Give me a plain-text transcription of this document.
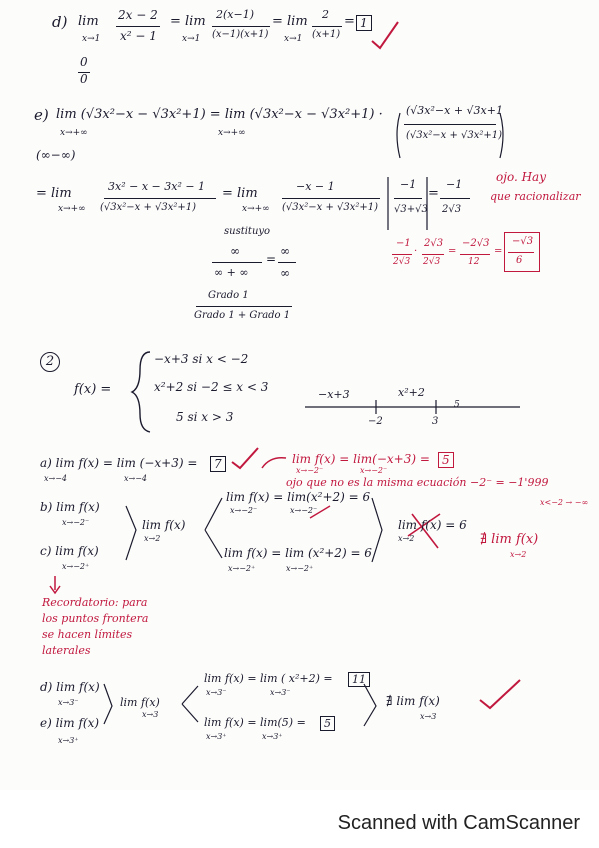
d) lim
x→1
2x − 2
x² − 1
= lim
x→1
2(x−1)
(x−1)(x+1)
= lim
x→1
2
(x+1)
= 1
0
0
e) lim (√3x²−x − √3x²+1) = lim (√3x²−x − √3x²+1) ·
x→+∞	x→+∞
(√3x²−x + √3x+1
(√3x²−x + √3x²+1)
(∞−∞)
= lim
x→+∞
3x² − x − 3x² − 1
(√3x²−x + √3x²+1)
= lim
x→+∞
−x − 1
(√3x²−x + √3x²+1)
−1
√3+√3
=
−1
2√3
ojo. Hay
que racionalizar
sustituyo
∞
∞ + ∞
=
∞
∞
Grado 1
Grado 1 + Grado 1
−1
2√3
·
2√3
2√3
=
−2√3
12
=
−√3
6
2
f(x) =
−x+3 si x < −2
x²+2 si −2 ≤ x < 3
5 si x > 3
−x+3	x²+2
−2	3
5
a) lim f(x) = lim (−x+3) =
x→−4	x→−4
7	lim f(x) = lim(−x+3) =
x→−2⁻	x→−2⁻
5
ojo que no es la misma ecuación −2⁻ = −1'999
x<−2 → −∞
b) lim f(x)
x→−2⁻	lim f(x)
x→2
c) lim f(x)
x→−2⁺
lim f(x) = lim(x²+2) = 6
x→−2⁻	x→−2⁻
lim f(x) = lim (x²+2) = 6
x→−2⁺	x→−2⁺
lim f(x) = 6
x→2	∄ lim f(x)
x→2
Recordatorio: para
los puntos frontera
se hacen límites
laterales
d) lim f(x)
x→3⁻	lim f(x)
x→3
e) lim f(x)
x→3⁺
lim f(x) = lim ( x²+2) =
x→3⁻	x→3⁻
11
lim f(x) = lim(5) =
x→3⁺	x→3⁺
5
∄ lim f(x)
x→3
Scanned with CamScanner
